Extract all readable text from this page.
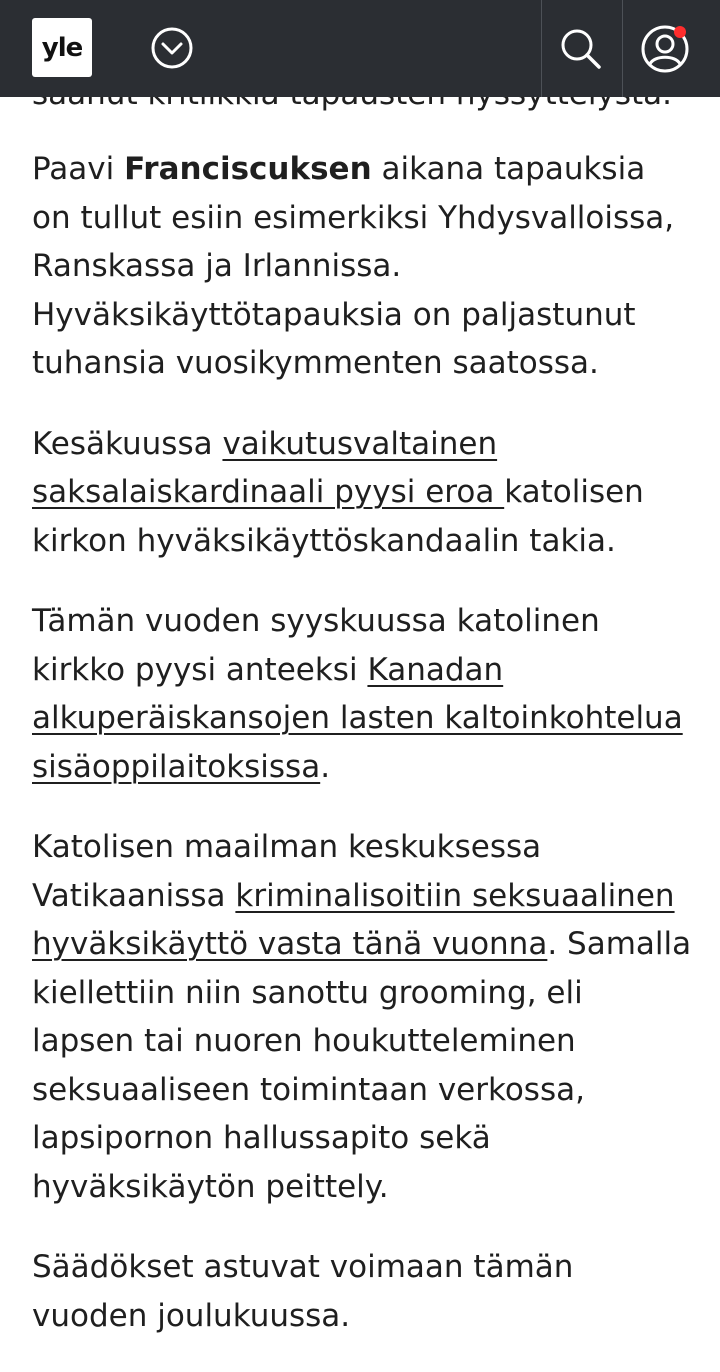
yle

Paavi Franciscuksen aikana tapauksia on tullut esiin esimerkiksi Yhdysvalloissa, Ranskassa ja Irlannissa. Hyväksikäyttötapauksia on paljastunut tuhansia vuosikymmenten saatossa.

Kesäkuussa vaikutusvaltainen saksalaiskardinaali pyysi eroa katolisen kirkon hyväksikäyttöskandaalin takia.

Tämän vuoden syyskuussa katolinen kirkko pyysi anteeksi Kanadan alkuperäiskansojen lasten kaltoinkohtelua sisäoppilaitoksissa.

Katolisen maailman keskuksessa Vatikaanissa kriminalisoitiin seksuaalinen hyväksikäyttö vasta tänä vuonna. Samalla kiellettiin niin sanottu grooming, eli lapsen tai nuoren houkutteleminen seksuaaliseen toimintaan verkossa, lapsipornon hallussapito sekä hyväksikäytön peittely.

Säädökset astuvat voimaan tämän vuoden joulukuussa.
